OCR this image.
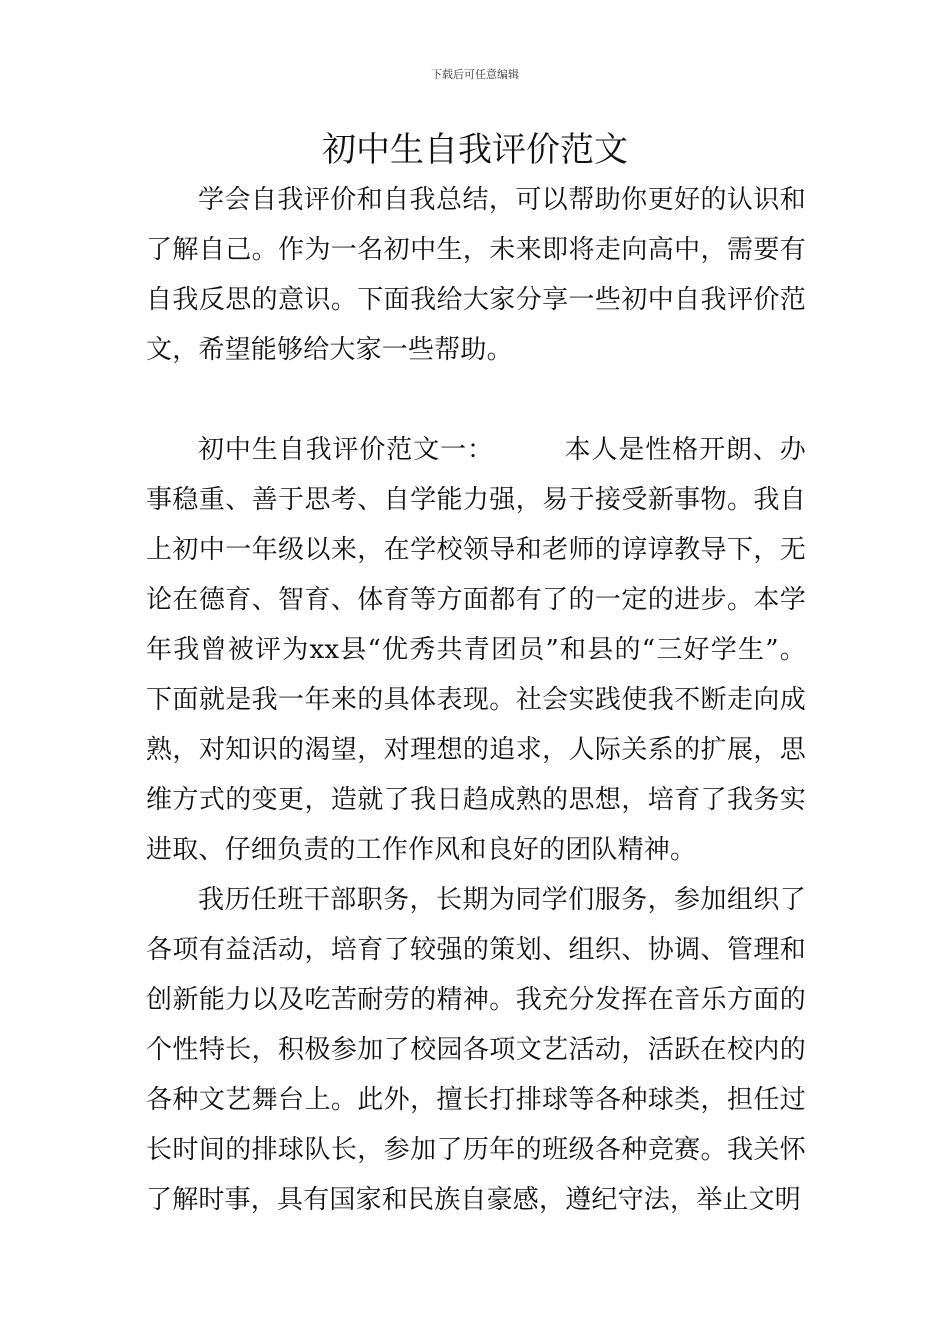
下载后可任意编辑
初中生自我评价范文

学会自我评价和自我总结，可以帮助你更好的认识和了解自己。作为一名初中生，未来即将走向高中，需要有自我反思的意识。下面我给大家分享一些初中自我评价范文，希望能够给大家一些帮助。

初中生自我评价范文一：	本人是性格开朗、办事稳重、善于思考、自学能力强，易于接受新事物。我自上初中一年级以来，在学校领导和老师的谆谆教导下，无论在德育、智育、体育等方面都有了的一定的进步。本学年我曾被评为xx县“优秀共青团员”和县的“三好学生”。下面就是我一年来的具体表现。社会实践使我不断走向成熟，对知识的渴望，对理想的追求，人际关系的扩展，思维方式的变更，造就了我日趋成熟的思想，培育了我务实进取、仔细负责的工作作风和良好的团队精神。

我历任班干部职务，长期为同学们服务，参加组织了各项有益活动，培育了较强的策划、组织、协调、管理和创新能力以及吃苦耐劳的精神。我充分发挥在音乐方面的个性特长，积极参加了校园各项文艺活动，活跃在校内的各种文艺舞台上。此外，擅长打排球等各种球类，担任过长时间的排球队长，参加了历年的班级各种竞赛。我关怀了解时事，具有国家和民族自豪感，遵纪守法，举止文明
